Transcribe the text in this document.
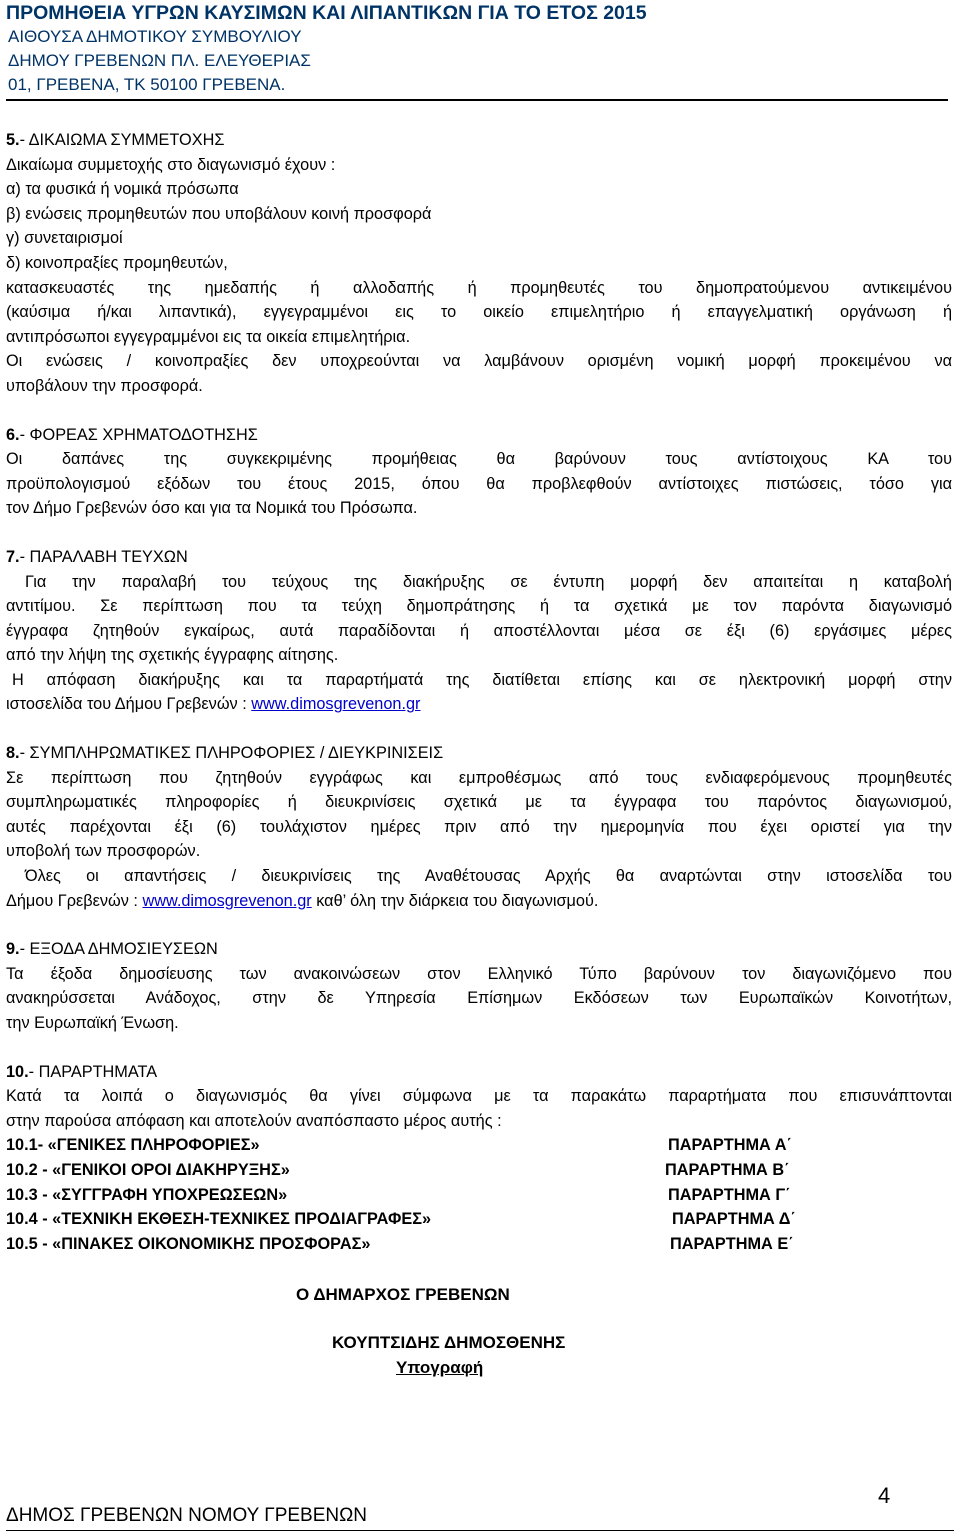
ΠΡΟΜΗΘΕΙΑ ΥΓΡΩΝ ΚΑΥΣΙΜΩΝ ΚΑΙ ΛΙΠΑΝΤΙΚΩΝ ΓΙΑ ΤΟ ΕΤΟΣ 2015
ΑΙΘΟΥΣΑ ΔΗΜΟΤΙΚΟΥ ΣΥΜΒΟΥΛΙΟΥ
ΔΗΜΟΥ ΓΡΕΒΕΝΩΝ ΠΛ. ΕΛΕΥΘΕΡΙΑΣ
01, ΓΡΕΒΕΝΑ, ΤΚ 50100 ΓΡΕΒΕΝΑ.
5.- ΔΙΚΑΙΩΜΑ ΣΥΜΜΕΤΟΧΗΣ
Δικαίωμα συμμετοχής στο διαγωνισμό έχουν :
α) τα φυσικά ή νομικά πρόσωπα
β) ενώσεις προμηθευτών που υποβάλουν κοινή προσφορά
γ) συνεταιρισμοί
δ) κοινοπραξίες προμηθευτών,
κατασκευαστές της ημεδαπής ή αλλοδαπής ή προμηθευτές του δημοπρατούμενου αντικειμένου
(καύσιμα ή/και λιπαντικά), εγγεγραμμένοι εις το οικείο επιμελητήριο ή επαγγελματική οργάνωση ή
αντιπρόσωποι εγγεγραμμένοι εις τα οικεία επιμελητήρια.
Οι ενώσεις / κοινοπραξίες δεν υποχρεούνται να λαμβάνουν ορισμένη νομική μορφή προκειμένου να
υποβάλουν την προσφορά.
6.- ΦΟΡΕΑΣ ΧΡΗΜΑΤΟΔΟΤΗΣΗΣ
Οι δαπάνες της συγκεκριμένης προμήθειας θα βαρύνουν τους αντίστοιχους ΚΑ του
προϋπολογισμού εξόδων του έτους 2015, όπου θα προβλεφθούν αντίστοιχες πιστώσεις, τόσο για
τον Δήμο Γρεβενών όσο και για τα Νομικά του Πρόσωπα.
7.- ΠΑΡΑΛΑΒΗ ΤΕΥΧΩΝ
Για την παραλαβή του τεύχους της διακήρυξης σε έντυπη μορφή δεν απαιτείται η καταβολή
αντιτίμου. Σε περίπτωση που τα τεύχη δημοπράτησης ή τα σχετικά με τον παρόντα διαγωνισμό
έγγραφα ζητηθούν εγκαίρως, αυτά παραδίδονται ή αποστέλλονται μέσα σε έξι (6) εργάσιμες μέρες
από την λήψη της σχετικής έγγραφης αίτησης.
Η απόφαση διακήρυξης και τα παραρτήματά της διατίθεται επίσης και σε ηλεκτρονική μορφή στην
ιστοσελίδα του Δήμου Γρεβενών : www.dimosgrevenon.gr
8.- ΣΥΜΠΛΗΡΩΜΑΤΙΚΕΣ ΠΛΗΡΟΦΟΡΙΕΣ / ΔΙΕΥΚΡΙΝΙΣΕΙΣ
Σε περίπτωση που ζητηθούν εγγράφως και εμπροθέσμως από τους ενδιαφερόμενους προμηθευτές
συμπληρωματικές πληροφορίες ή διευκρινίσεις σχετικά με τα έγγραφα του παρόντος διαγωνισμού,
αυτές παρέχονται έξι (6) τουλάχιστον ημέρες πριν από την ημερομηνία που έχει οριστεί για την
υποβολή των προσφορών.
Όλες οι απαντήσεις / διευκρινίσεις της Αναθέτουσας Αρχής θα αναρτώνται στην ιστοσελίδα του
Δήμου Γρεβενών : www.dimosgrevenon.gr καθ’ όλη την διάρκεια του διαγωνισμού.
9.- ΕΞΟΔΑ ΔΗΜΟΣΙΕΥΣΕΩΝ
Τα έξοδα δημοσίευσης των ανακοινώσεων στον Ελληνικό Τύπο βαρύνουν τον διαγωνιζόμενο που
ανακηρύσσεται Ανάδοχος, στην δε Υπηρεσία Επίσημων Εκδόσεων των Ευρωπαϊκών Κοινοτήτων,
την Ευρωπαϊκή Ένωση.
10.- ΠΑΡΑΡΤΗΜΑΤΑ
Κατά τα λοιπά ο διαγωνισμός θα γίνει σύμφωνα με τα παρακάτω παραρτήματα που επισυνάπτονται
στην παρούσα απόφαση και αποτελούν αναπόσπαστο μέρος αυτής :
10.1- «ΓΕΝΙΚΕΣ ΠΛΗΡΟΦΟΡΙΕΣ»	ΠΑΡΑΡΤΗΜΑ Α΄
10.2 - «ΓΕΝΙΚΟΙ ΟΡΟΙ ΔΙΑΚΗΡΥΞΗΣ»	ΠΑΡΑΡΤΗΜΑ Β΄
10.3 - «ΣΥΓΓΡΑΦΗ ΥΠΟΧΡΕΩΣΕΩΝ»	ΠΑΡΑΡΤΗΜΑ Γ΄
10.4 - «ΤΕΧΝΙΚΗ ΕΚΘΕΣΗ-ΤΕΧΝΙΚΕΣ ΠΡΟΔΙΑΓΡΑΦΕΣ»	ΠΑΡΑΡΤΗΜΑ Δ΄
10.5 - «ΠΙΝΑΚΕΣ ΟΙΚΟΝΟΜΙΚΗΣ ΠΡΟΣΦΟΡΑΣ»	ΠΑΡΑΡΤΗΜΑ Ε΄
Ο ΔΗΜΑΡΧΟΣ ΓΡΕΒΕΝΩΝ
ΚΟΥΠΤΣΙΔΗΣ ΔΗΜΟΣΘΕΝΗΣ
Υπογραφή
4
ΔΗΜΟΣ ΓΡΕΒΕΝΩΝ ΝΟΜΟΥ ΓΡΕΒΕΝΩΝ
